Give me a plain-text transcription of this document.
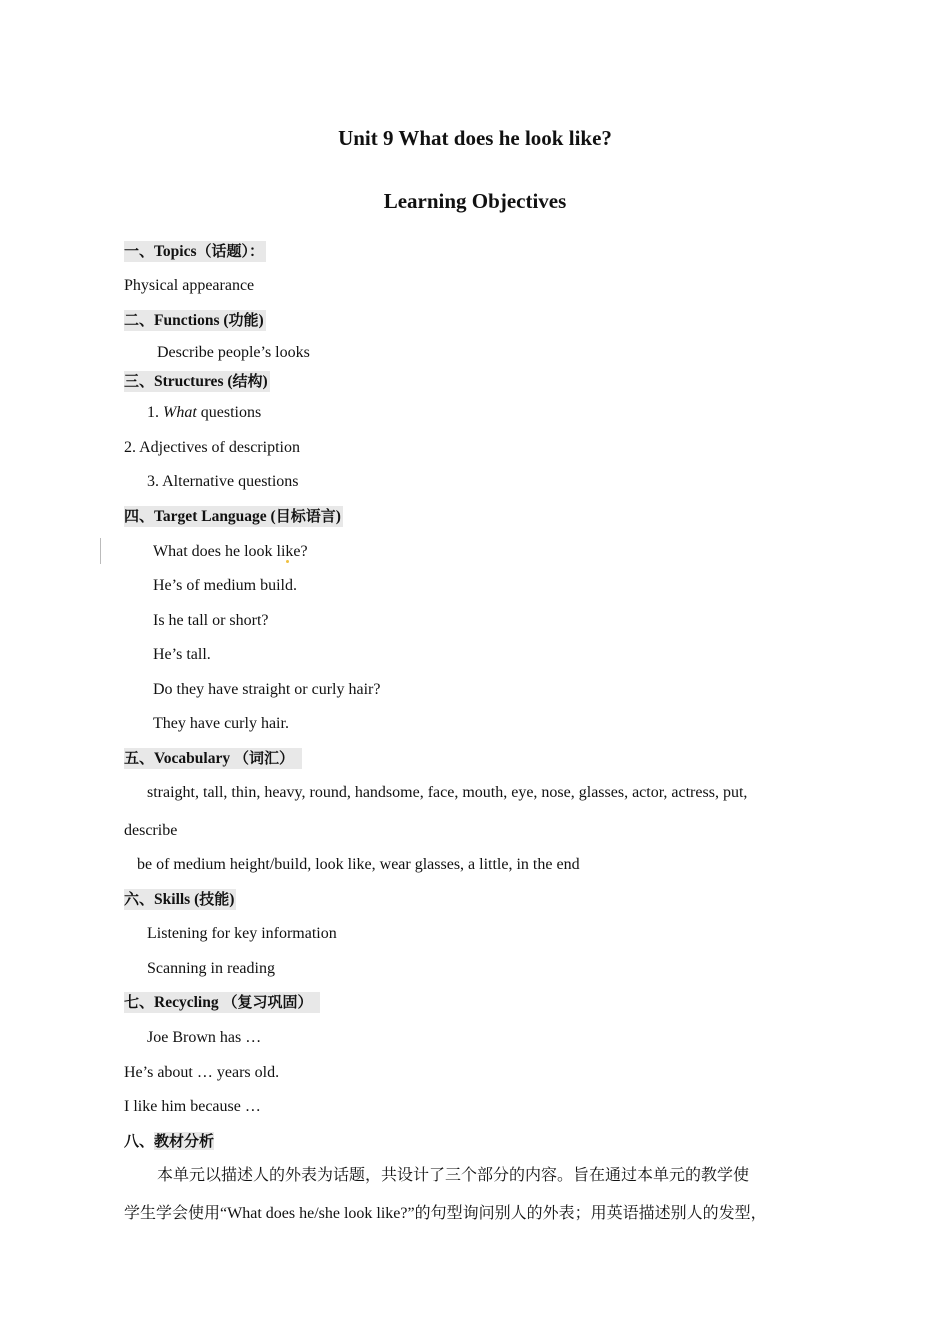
Unit 9 What does he look like?
Learning Objectives
一、Topics（话题）：
Physical appearance
二、Functions (功能)
Describe people’s looks
三、Structures (结构)
1. What questions
2. Adjectives of description
3. Alternative questions
四、Target Language (目标语言)
What does he look like?
He’s of medium build.
Is he tall or short?
He’s tall.
Do they have straight or curly hair?
They have curly hair.
五、Vocabulary （词汇）
straight, tall, thin, heavy, round, handsome, face, mouth, eye, nose, glasses, actor, actress, put,
describe
be of medium height/build, look like, wear glasses, a little, in the end
六、Skills (技能)
Listening for key information
Scanning in reading
七、Recycling （复习巩固）
Joe Brown has …
He’s about … years old.
I like him because …
八、教材分析
本单元以描述人的外表为话题，共设计了三个部分的内容。旨在通过本单元的教学使
学生学会使用“What does he/she look like?”的句型询问别人的外表；用英语描述别人的发型，
